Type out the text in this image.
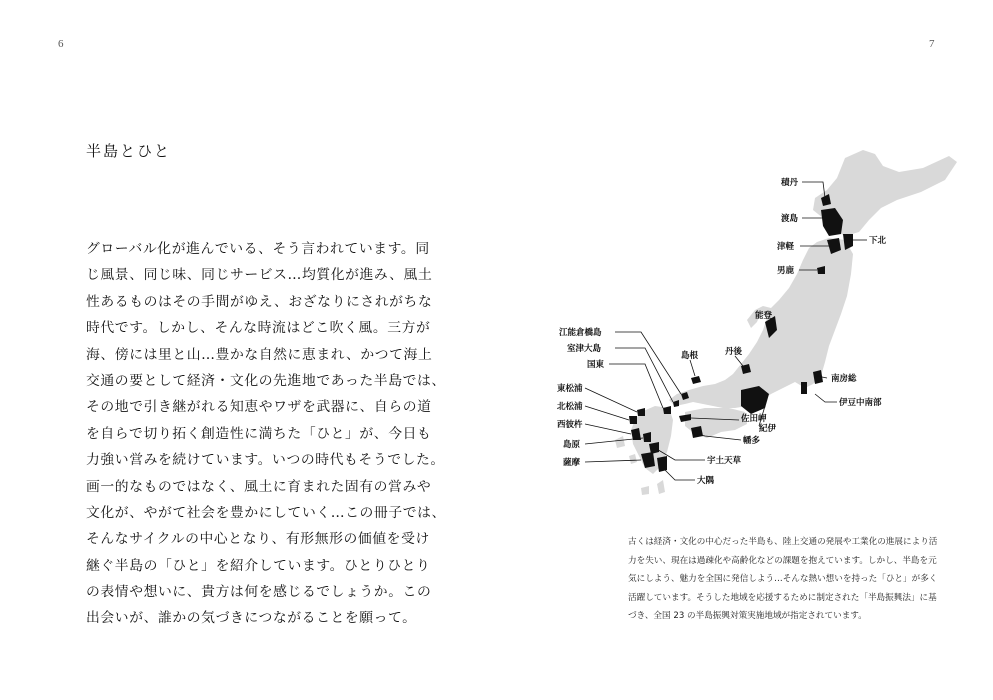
6	7
半島とひと
グローバル化が進んでいる、そう言われています。同
じ風景、同じ味、同じサービス…均質化が進み、風土
性あるものはその手間がゆえ、おざなりにされがちな
時代です。しかし、そんな時流はどこ吹く風。三方が
海、傍には里と山…豊かな自然に恵まれ、かつて海上
交通の要として経済・文化の先進地であった半島では、
その地で引き継がれる知恵やワザを武器に、自らの道
を自らで切り拓く創造性に満ちた「ひと」が、今日も
力強い営みを続けています。いつの時代もそうでした。
画一的なものではなく、風土に育まれた固有の営みや
文化が、やがて社会を豊かにしていく…この冊子では、
そんなサイクルの中心となり、有形無形の価値を受け
継ぐ半島の「ひと」を紹介しています。ひとりひとり
の表情や想いに、貴方は何を感じるでしょうか。この
出会いが、誰かの気づきにつながることを願って。
積丹
渡島
津軽
下北
男鹿
能登
江能倉橋島
室津大島
国東
島根	丹後
南房総
伊豆中南部
東松浦
北松浦
西彼杵	紀伊
佐田岬
幡多
島原
宇土天草
薩摩
大隅
古くは経済・文化の中心だった半島も、陸上交通の発展や工業化の進展により活
力を失い、現在は過疎化や高齢化などの課題を抱えています。しかし、半島を元
気にしよう、魅力を全国に発信しよう…そんな熱い想いを持った「ひと」が多く
活躍しています。そうした地域を応援するために制定された「半島振興法」に基
づき、全国 23 の半島振興対策実施地域が指定されています。
